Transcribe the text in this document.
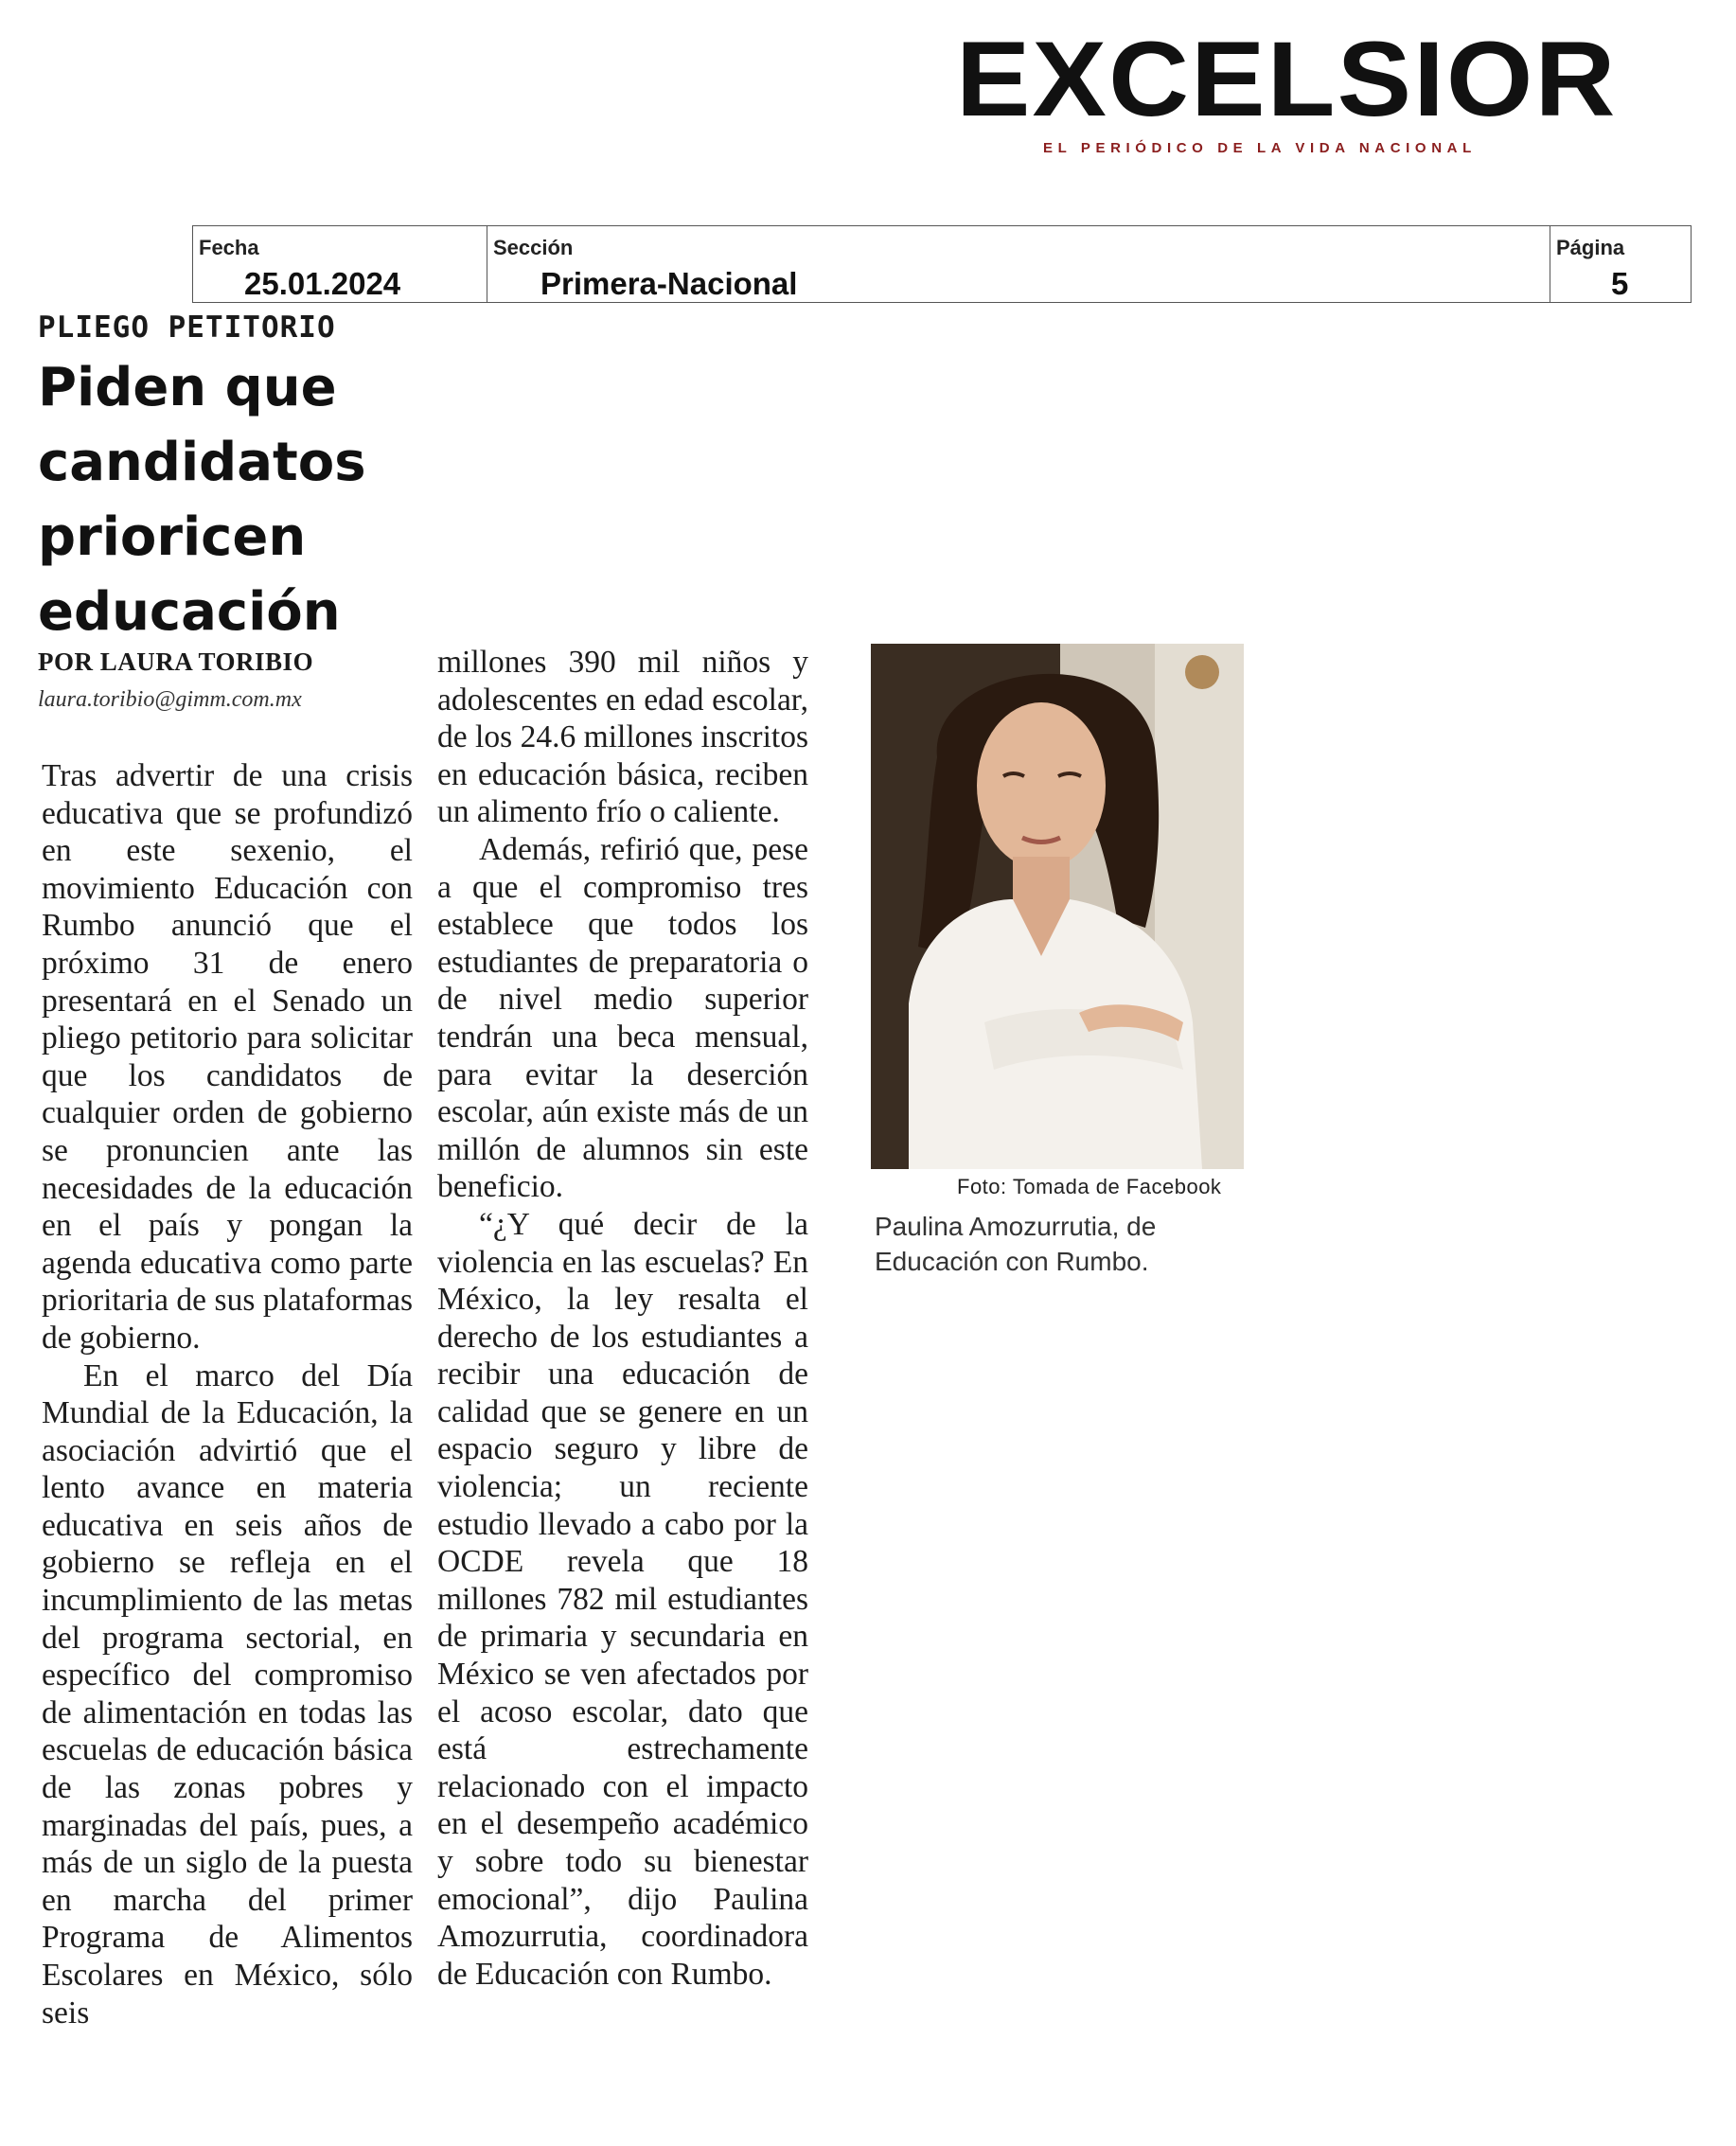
EXCELSIOR
EL PERIÓDICO DE LA VIDA NACIONAL
Fecha
25.01.2024
Sección
Primera-Nacional
Página
5
PLIEGO PETITORIO
Piden que candidatos prioricen educación
POR LAURA TORIBIO
laura.toribio@gimm.com.mx

Tras advertir de una crisis educativa que se profundizó en este sexenio, el movimiento Educación con Rumbo anunció que el próximo 31 de enero presentará en el Senado un pliego petitorio para solicitar que los candidatos de cualquier orden de gobierno se pronuncien ante las necesidades de la educación en el país y pongan la agenda educativa como parte prioritaria de sus plataformas de gobierno.

En el marco del Día Mundial de la Educación, la asociación advirtió que el lento avance en materia educativa en seis años de gobierno se refleja en el incumplimiento de las metas del programa sectorial, en específico del compromiso de alimentación en todas las escuelas de educación básica de las zonas pobres y marginadas del país, pues, a más de un siglo de la puesta en marcha del primer Programa de Alimentos Escolares en México, sólo seis

millones 390 mil niños y adolescentes en edad escolar, de los 24.6 millones inscritos en educación básica, reciben un alimento frío o caliente.

Además, refirió que, pese a que el compromiso tres establece que todos los estudiantes de preparatoria o de nivel medio superior tendrán una beca mensual, para evitar la deserción escolar, aún existe más de un millón de alumnos sin este beneficio.

“¿Y qué decir de la violencia en las escuelas? En México, la ley resalta el derecho de los estudiantes a recibir una educación de calidad que se genere en un espacio seguro y libre de violencia; un reciente estudio llevado a cabo por la OCDE revela que 18 millones 782 mil estudiantes de primaria y secundaria en México se ven afectados por el acoso escolar, dato que está estrechamente relacionado con el impacto en el desempeño académico y sobre todo su bienestar emocional”, dijo Paulina Amozurrutia, coordinadora de Educación con Rumbo.

Foto: Tomada de Facebook
Paulina Amozurrutia, de Educación con Rumbo.
